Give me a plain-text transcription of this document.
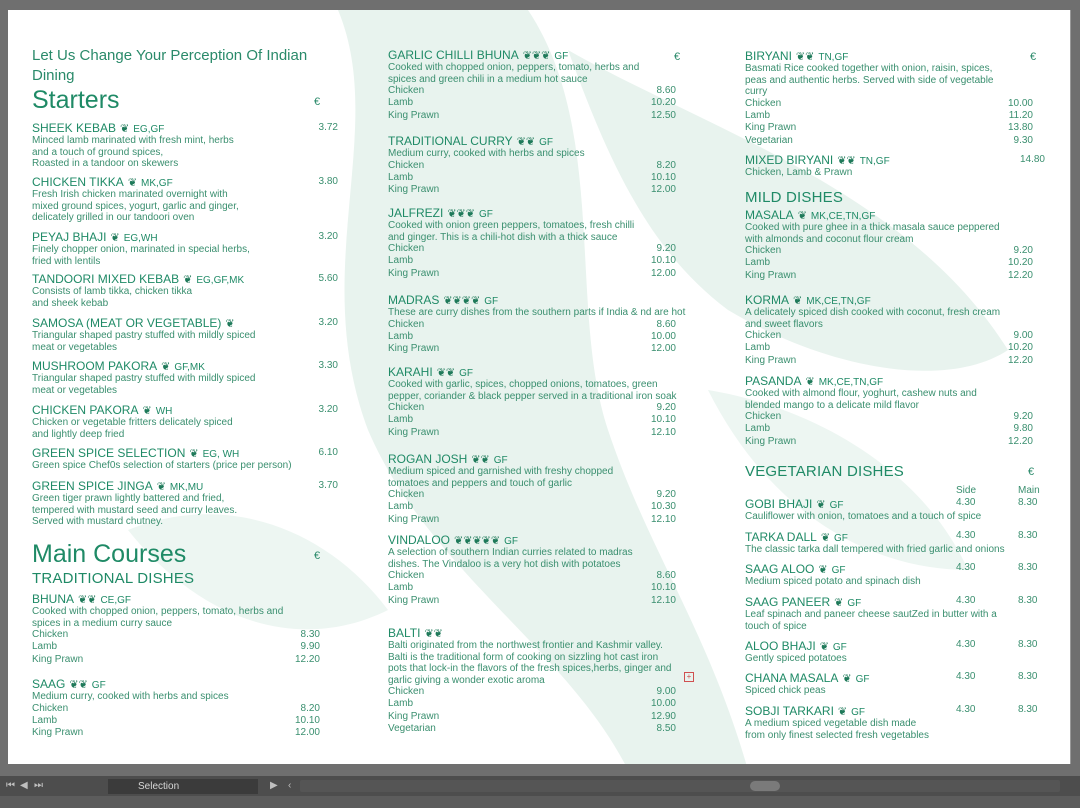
Let Us Change Your Perception Of Indian Dining
Starters	€
SHEEK KEBAB ❦ EG,GF	3.72
Minced lamb marinated with fresh mint, herbs
and a touch of ground spices,
Roasted in a tandoor on skewers
CHICKEN TIKKA ❦ MK,GF	3.80
Fresh Irish chicken marinated overnight with
mixed ground spices, yogurt, garlic and ginger,
delicately grilled in our tandoori oven
PEYAJ BHAJI ❦ EG,WH	3.20
Finely chopper onion, marinated in special herbs,
fried with lentils
TANDOORI MIXED KEBAB ❦ EG,GF,MK	5.60
Consists of lamb tikka, chicken tikka
and sheek kebab
SAMOSA (MEAT OR VEGETABLE) ❦	3.20
Triangular shaped pastry stuffed with mildly spiced
meat or vegetables
MUSHROOM PAKORA ❦ GF,MK	3.30
Triangular shaped pastry stuffed with mildly spiced
meat or vegetables
CHICKEN PAKORA ❦ WH	3.20
Chicken or vegetable fritters delicately spiced
and lightly deep fried
GREEN SPICE SELECTION ❦ EG, WH	6.10
Green spice Chef0s selection of starters (price per person)
GREEN SPICE JINGA ❦ MK,MU	3.70
Green tiger prawn lightly battered and fried,
tempered with mustard seed and curry leaves.
Served with mustard chutney.
Main Courses	€
TRADITIONAL DISHES
BHUNA ❦❦ CE,GF
Cooked with chopped onion, peppers, tomato, herbs and
spices in a medium curry sauce
Chicken	8.30
Lamb	9.90
King Prawn	12.20
SAAG ❦❦ GF
Medium curry, cooked with herbs and spices
Chicken	8.20
Lamb	10.10
King Prawn	12.00
€
GARLIC CHILLI BHUNA ❦❦❦ GF
Cooked with chopped onion, peppers, tomato, herbs and
spices and green chili in a medium hot sauce
Chicken	8.60
Lamb	10.20
King Prawn	12.50
TRADITIONAL CURRY ❦❦ GF
Medium curry, cooked with herbs and spices
Chicken	8.20
Lamb	10.10
King Prawn	12.00
JALFREZI ❦❦❦ GF
Cooked with onion green peppers, tomatoes, fresh chilli
and ginger. This is a chili-hot dish with a thick sauce
Chicken	9.20
Lamb	10.10
King Prawn	12.00
MADRAS ❦❦❦❦ GF
These are curry dishes from the southern parts if India & nd are hot
Chicken	8.60
Lamb	10.00
King Prawn	12.00
KARAHI ❦❦ GF
Cooked with garlic, spices, chopped onions, tomatoes, green
pepper, coriander & black pepper served in a traditional iron soak
Chicken	9.20
Lamb	10.10
King Prawn	12.10
ROGAN JOSH ❦❦ GF
Medium spiced and garnished with freshy chopped
tomatoes and peppers and touch of garlic
Chicken	9.20
Lamb	10.30
King Prawn	12.10
VINDALOO ❦❦❦❦❦ GF
A selection of southern Indian curries related to madras
dishes. The Vindaloo is a very hot dish with potatoes
Chicken	8.60
Lamb	10.10
King Prawn	12.10
BALTI ❦❦
Balti originated from the northwest frontier and Kashmir valley.
Balti is the traditional form of cooking on sizzling hot cast iron
pots that lock-in the flavors of the fresh spices,herbs, ginger and
garlic giving a wonder exotic aroma
Chicken	9.00
Lamb	10.00
King Prawn	12.90
Vegetarian	8.50
€
BIRYANI ❦❦ TN,GF
Basmati Rice cooked together with onion, raisin, spices,
peas and authentic herbs. Served with side of vegetable
curry
Chicken	10.00
Lamb	11.20
King Prawn	13.80
Vegetarian	9.30
MIXED BIRYANI ❦❦ TN,GF	14.80
Chicken, Lamb & Prawn
MILD DISHES
MASALA ❦ MK,CE,TN,GF
Cooked with pure ghee in a thick masala sauce peppered
with almonds and coconut flour cream
Chicken	9.20
Lamb	10.20
King Prawn	12.20
KORMA ❦ MK,CE,TN,GF
A delicately spiced dish cooked with coconut, fresh cream
and sweet flavors
Chicken	9.00
Lamb	10.20
King Prawn	12.20
PASANDA ❦ MK,CE,TN,GF
Cooked with almond flour, yoghurt, cashew nuts and
blended mango to a delicate mild flavor
Chicken	9.20
Lamb	9.80
King Prawn	12.20
VEGETARIAN DISHES	€
Side	Main
GOBI BHAJI ❦ GF	4.30	8.30
Cauliflower with onion, tomatoes and a touch of spice
TARKA DALL ❦ GF	4.30	8.30
The classic tarka dall tempered with fried garlic and onions
SAAG ALOO ❦ GF	4.30	8.30
Medium spiced potato and spinach dish
SAAG PANEER ❦ GF	4.30	8.30
Leaf spinach and paneer cheese sautZed in butter with a
touch of spice
ALOO BHAJI ❦ GF	4.30	8.30
Gently spiced potatoes
CHANA MASALA ❦ GF	4.30	8.30
Spiced chick peas
SOBJI TARKARI ❦ GF	4.30	8.30
A medium spiced vegetable dish made
from only finest selected fresh vegetables
+
⏮ ◀ ⏭	Selection	▶ ‹
